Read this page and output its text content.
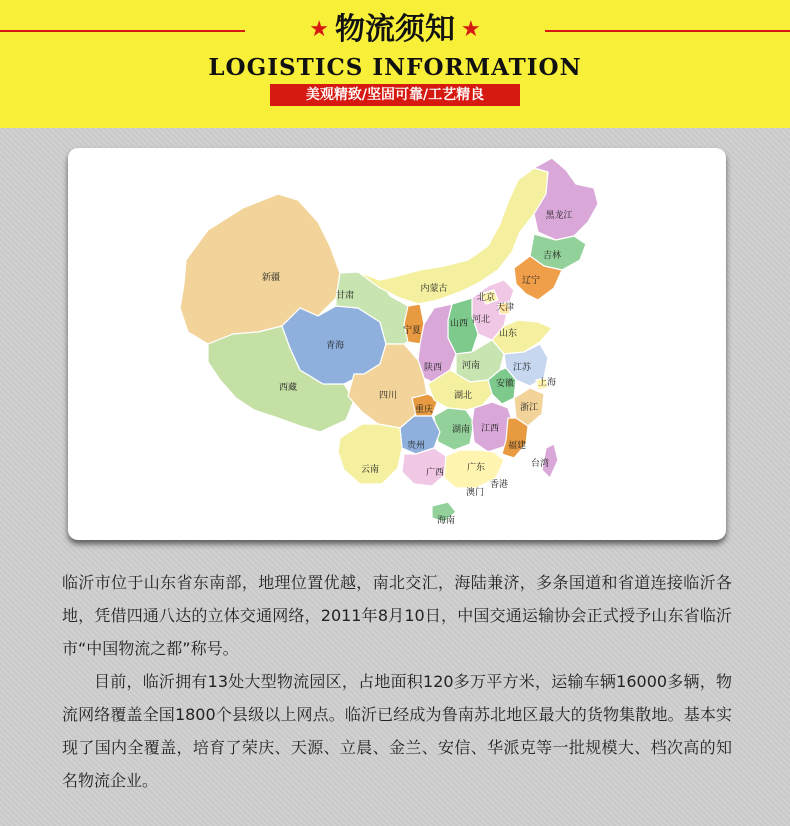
★ 物流须知 ★
LOGISTICS INFORMATION
美观精致/坚固可靠/工艺精良
新疆
西藏
青海
甘肃
内蒙古
黑龙江
吉林
辽宁
北京
天津
河北
山西
山东
宁夏
陕西 河南	江苏
安徽	上海
四川	湖北
浙江
重庆
贵州
湖南 江西
福建
台湾
云南	广西	广东
香港
澳门
海南

临沂市位于山东省东南部，地理位置优越，南北交汇，海陆兼济，多条国道和省道连接临沂各地，凭借四通八达的立体交通网络，2011年8月10日，中国交通运输协会正式授予山东省临沂市“中国物流之都”称号。

目前，临沂拥有13处大型物流园区，占地面积120多万平方米，运输车辆16000多辆，物流网络覆盖全国1800个县级以上网点。临沂已经成为鲁南苏北地区最大的货物集散地。基本实现了国内全覆盖，培育了荣庆、天源、立晨、金兰、安信、华派克等一批规模大、档次高的知名物流企业。
